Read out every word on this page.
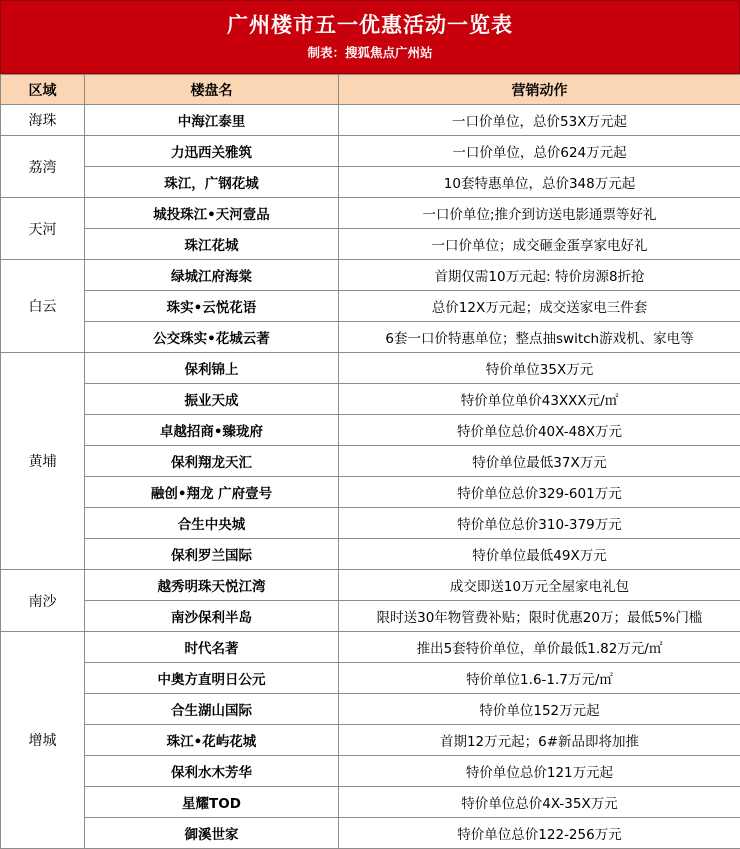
广州楼市五一优惠活动一览表
制表：搜狐焦点广州站
区域	楼盘名	营销动作
海珠	中海江泰里	一口价单位，总价53X万元起
荔湾	力迅西关雅筑	一口价单位，总价624万元起
	珠江，广钢花城	10套特惠单位，总价348万元起
天河	城投珠江•天河壹品	一口价单位;推介到访送电影通票等好礼
	珠江花城	一口价单位；成交砸金蛋享家电好礼
白云	绿城江府海棠	首期仅需10万元起: 特价房源8折抢
	珠实•云悦花语	总价12X万元起；成交送家电三件套
	公交珠实•花城云著	6套一口价特惠单位；整点抽switch游戏机、家电等
黄埔	保利锦上	特价单位35X万元
	振业天成	特价单位单价43XXX元/㎡
	卓越招商•臻珑府	特价单位总价40X-48X万元
	保利翔龙天汇	特价单位最低37X万元
	融创•翔龙 广府壹号	特价单位总价329-601万元
	合生中央城	特价单位总价310-379万元
	保利罗兰国际	特价单位最低49X万元
南沙	越秀明珠天悦江湾	成交即送10万元全屋家电礼包
	南沙保利半岛	限时送30年物管费补贴；限时优惠20万；最低5%门槛
增城	时代名著	推出5套特价单位，单价最低1.82万元/㎡
	中奥方直明日公元	特价单位1.6-1.7万元/㎡
	合生湖山国际	特价单位152万元起
	珠江•花屿花城	首期12万元起；6#新品即将加推
	保利水木芳华	特价单位总价121万元起
	星耀TOD	特价单位总价4X-35X万元
	御溪世家	特价单位总价122-256万元
